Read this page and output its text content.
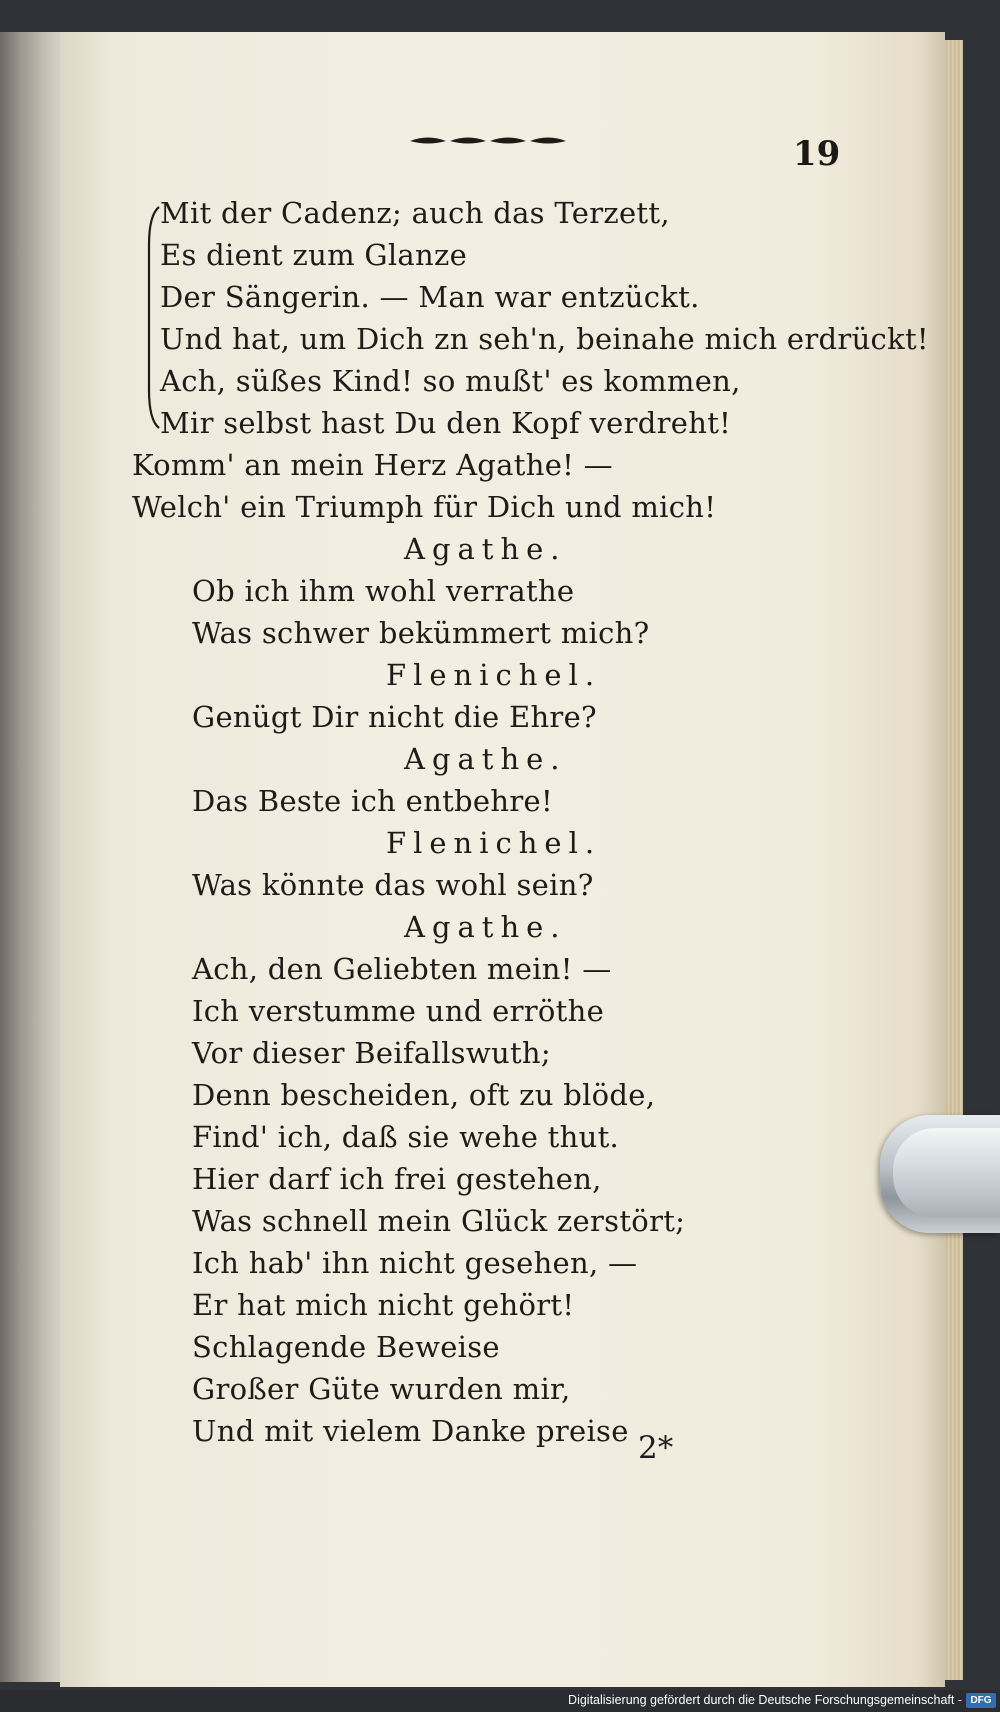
19
Mit der Cadenz; auch das Terzett,
Es dient zum Glanze
Der Sängerin. — Man war entzückt.
Und hat, um Dich zn seh'n, beinahe mich erdrückt!
Ach, süßes Kind! so mußt' es kommen,
Mir selbst hast Du den Kopf verdreht!
Komm' an mein Herz Agathe! —
Welch' ein Triumph für Dich und mich!
Agathe.
Ob ich ihm wohl verrathe
Was schwer bekümmert mich?
Flenichel.
Genügt Dir nicht die Ehre?
Agathe.
Das Beste ich entbehre!
Flenichel.
Was könnte das wohl sein?
Agathe.
Ach, den Geliebten mein! —
Ich verstumme und erröthe
Vor dieser Beifallswuth;
Denn bescheiden, oft zu blöde,
Find' ich, daß sie wehe thut.
Hier darf ich frei gestehen,
Was schnell mein Glück zerstört;
Ich hab' ihn nicht gesehen, —
Er hat mich nicht gehört!
Schlagende Beweise
Großer Güte wurden mir,
Und mit vielem Danke preise 2*
Digitalisierung gefördert durch die Deutsche Forschungsgemeinschaft - DFG
